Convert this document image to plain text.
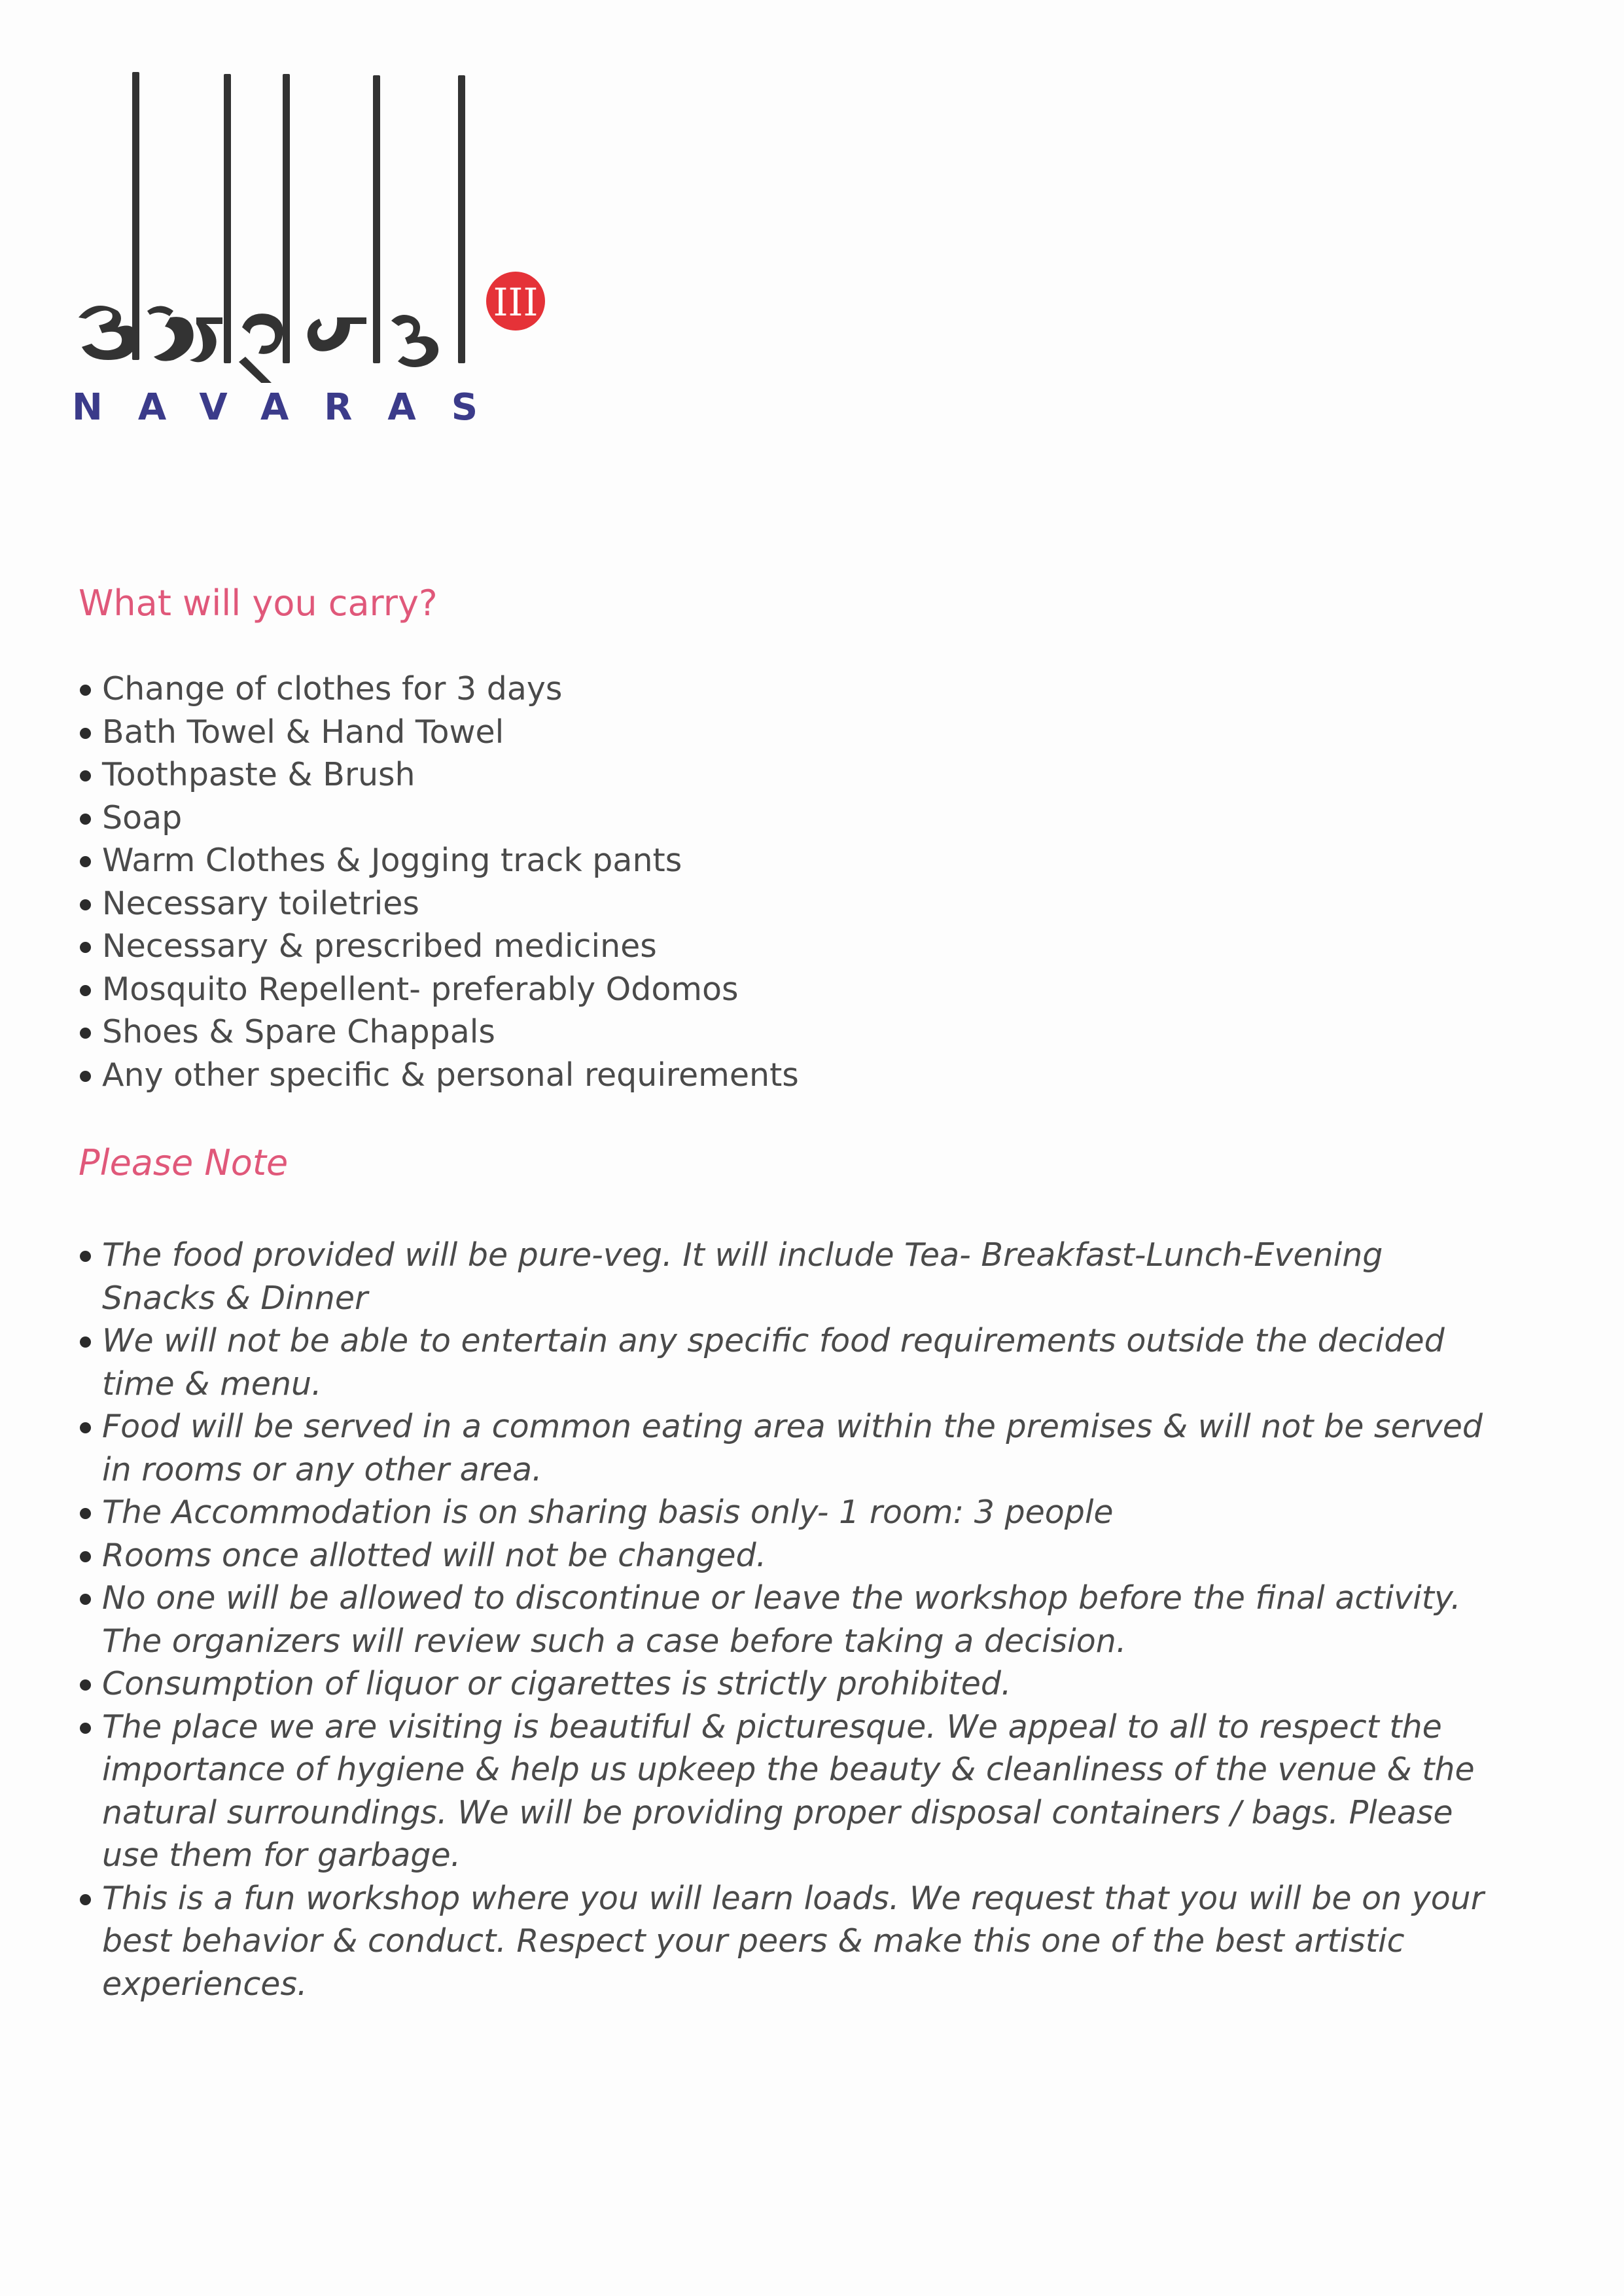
III
NAVARAS
What will you carry?
Change of clothes for 3 days
Bath Towel & Hand Towel
Toothpaste & Brush
Soap
Warm Clothes & Jogging track pants
Necessary toiletries
Necessary & prescribed medicines
Mosquito Repellent- preferably Odomos
Shoes & Spare Chappals
Any other specific & personal requirements
Please Note
The food provided will be pure-veg. It will include Tea- Breakfast-Lunch-Evening Snacks & Dinner
We will not be able to entertain any specific food requirements outside the decided time & menu.
Food will be served in a common eating area within the premises & will not be served in rooms or any other area.
The Accommodation is on sharing basis only- 1 room: 3 people
Rooms once allotted will not be changed.
No one will be allowed to discontinue or leave the workshop before the final activity. The organizers will review such a case before taking a decision.
Consumption of liquor or cigarettes is strictly prohibited.
The place we are visiting is beautiful & picturesque. We appeal to all to respect the importance of hygiene & help us upkeep the beauty & cleanliness of the venue & the natural surroundings. We will be providing proper disposal containers / bags. Please use them for garbage.
This is a fun workshop where you will learn loads. We request that you will be on your best behavior & conduct. Respect your peers & make this one of the best artistic experiences.
